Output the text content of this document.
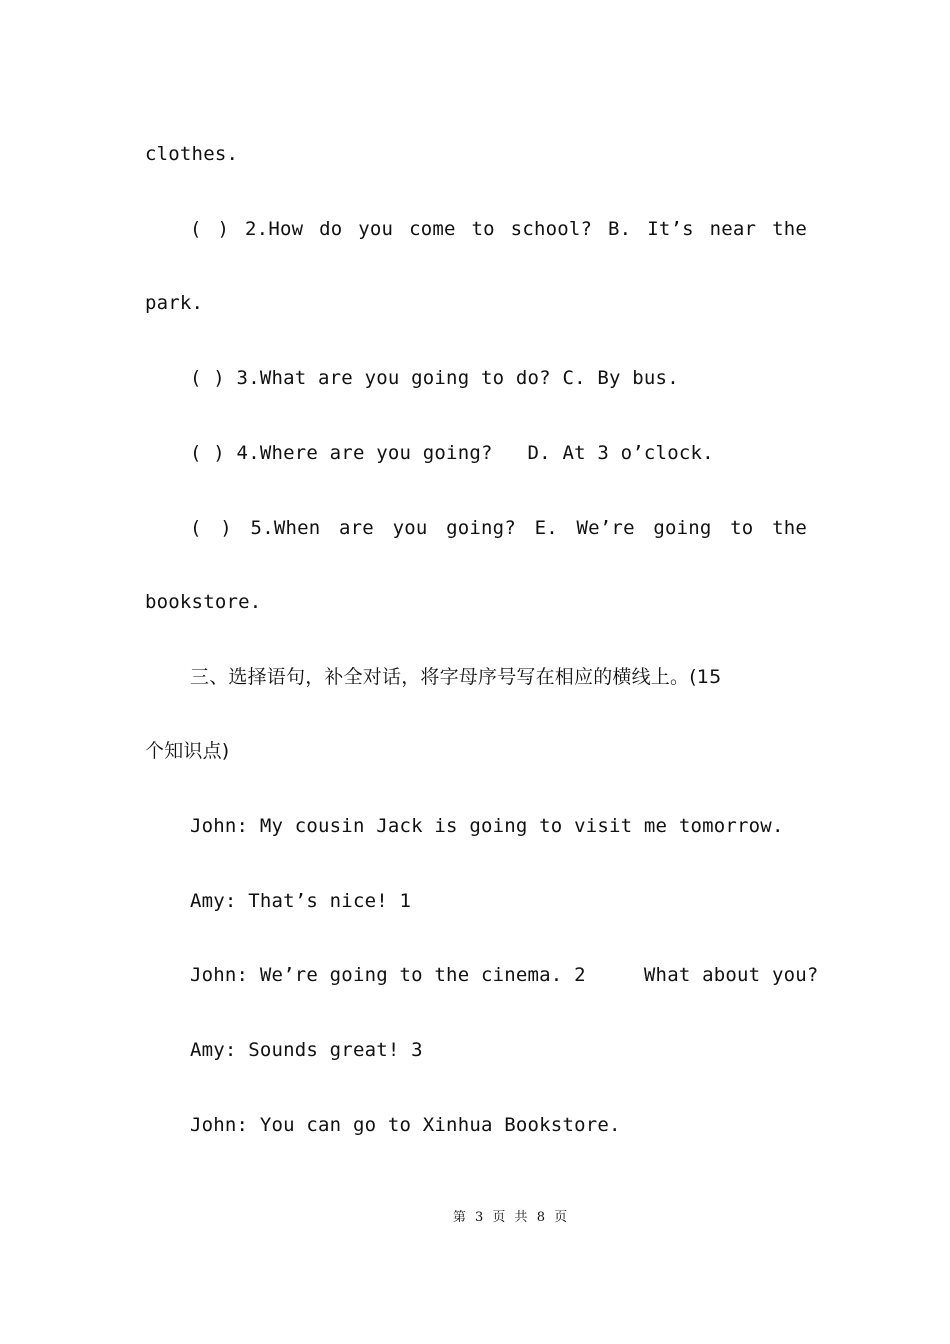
clothes.
( ) 2.How do you come to school? B. It’s near the
park.
( ) 3.What are you going to do? C. By bus.
( ) 4.Where are you going?   D. At 3 o’clock.
( ) 5.When are you going? E. We’re going to the
bookstore.
三、选择语句，补全对话，将字母序号写在相应的横线上。(15
个知识点)
John: My cousin Jack is going to visit me tomorrow.
Amy: That’s nice! 1
John: We’re going to the cinema. 2     What about you?
Amy: Sounds great! 3
John: You can go to Xinhua Bookstore.
第 3 页 共 8 页
